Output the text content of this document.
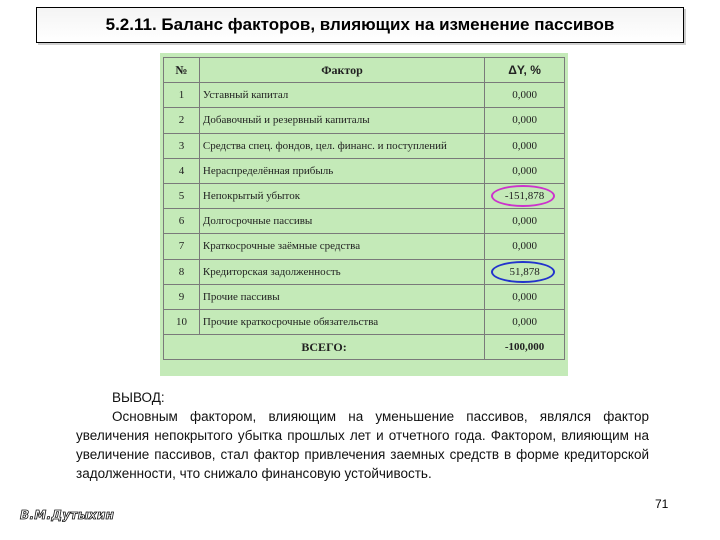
5.2.11. Баланс факторов, влияющих на изменение пассивов
№	Фактор	ΔY, %
1	Уставный капитал	0,000
2	Добавочный и резервный капиталы	0,000
3	Средства спец. фондов, цел. финанс. и поступлений	0,000
4	Нераспределённая прибыль	0,000
5	Непокрытый убыток	-151,878

6	Долгосрочные пассивы	0,000
7	Краткосрочные заёмные средства	0,000
8	Кредиторская задолженность	51,878

9	Прочие пассивы	0,000
10	Прочие краткосрочные обязательства	0,000
ВСЕГО:		-100,000
ВЫВОД:

Основным фактором, влияющим на уменьшение пассивов, являлся фактор увеличения непокрытого убытка прошлых лет и отчетного года. Фактором, влияющим на увеличение пассивов, стал фактор привлечения заемных средств в форме кредиторской задолженности, что снижало финансовую устойчивость.

71
В.М.Дутыхин
